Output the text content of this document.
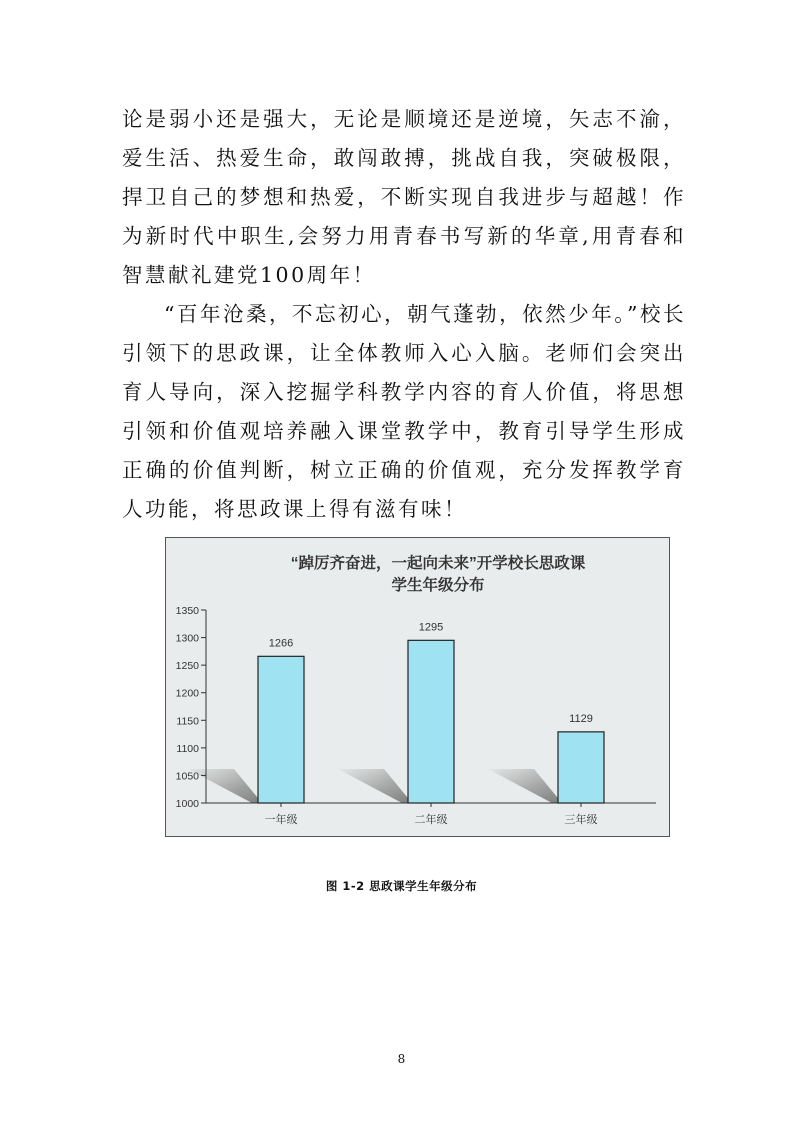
论是弱小还是强大，无论是顺境还是逆境，矢志不渝，爱生活、热爱生命，敢闯敢搏，挑战自我，突破极限，捍卫自己的梦想和热爱，不断实现自我进步与超越！作为新时代中职生,会努力用青春书写新的华章,用青春和智慧献礼建党100周年！

“百年沧桑，不忘初心，朝气蓬勃，依然少年。”校长引领下的思政课，让全体教师入心入脑。老师们会突出育人导向，深入挖掘学科教学内容的育人价值，将思想引领和价值观培养融入课堂教学中，教育引导学生形成正确的价值判断，树立正确的价值观，充分发挥教学育人功能，将思政课上得有滋有味！

“踔厉齐奋进，一起向未来”开学校长思政课
学生年级分布
1000
1050
1100
1150
1200
1250
1300
1350
一年级	二年级	三年级
1266
1295
1129
图 1-2 思政课学生年级分布
8
